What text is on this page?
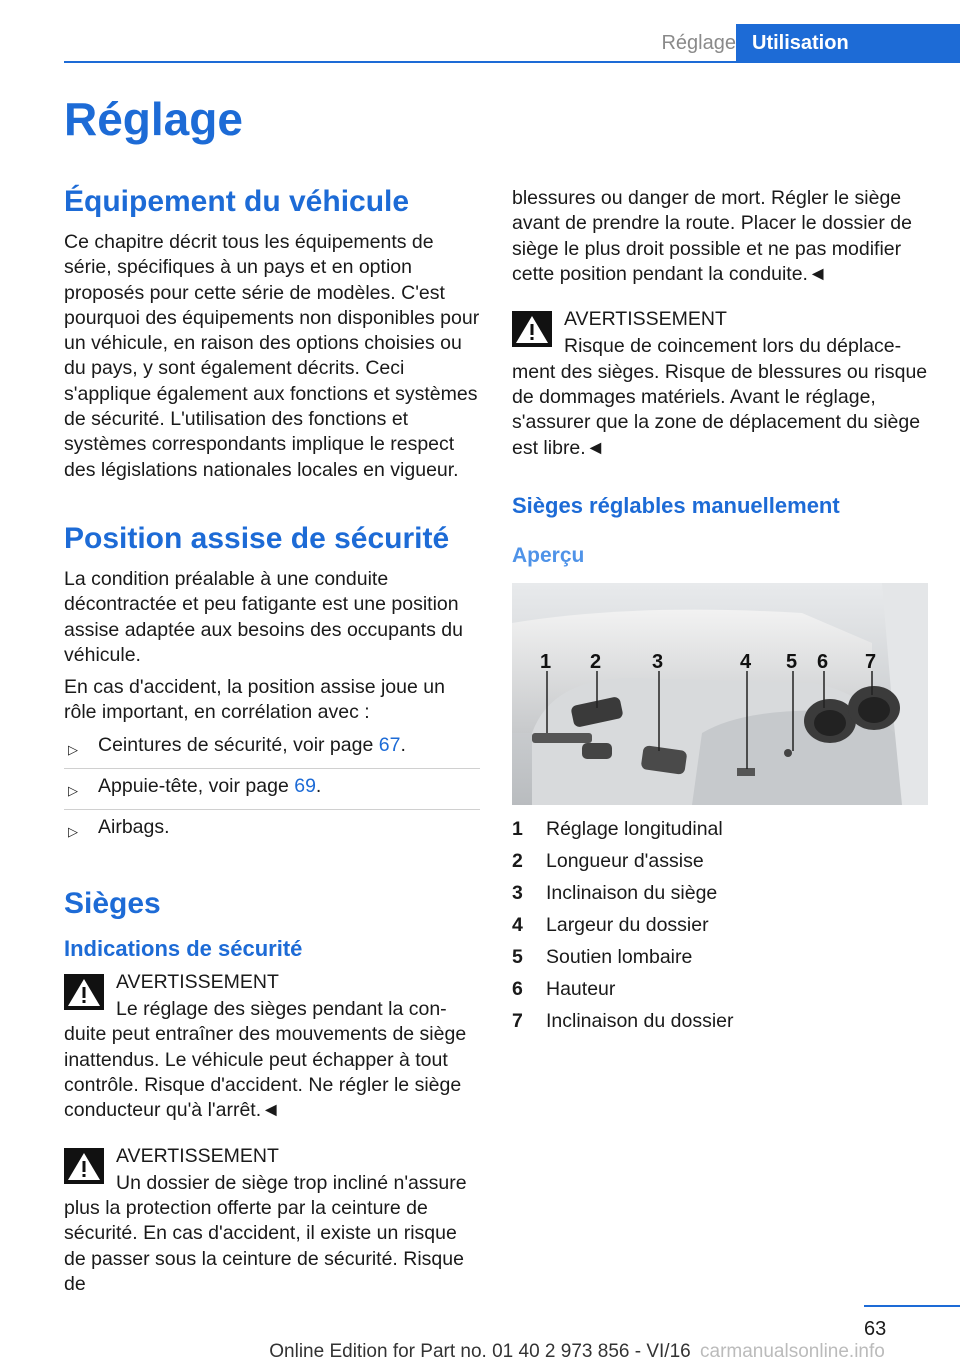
Réglage Utilisation
Réglage
Équipement du véhicule

Ce chapitre décrit tous les équipements de série, spécifiques à un pays et en option proposés pour cette série de modèles. C'est pourquoi des équipements non disponibles pour un véhicule, en raison des options choisies ou du pays, y sont également décrits. Ceci s'applique également aux fonctions et systèmes de sécurité. L'utilisation des fonctions et systèmes correspondants implique le respect des législations nationales locales en vigueur.

Position assise de sécurité

La condition préalable à une conduite décontractée et peu fatigante est une position assise adaptée aux besoins des occupants du véhicule.

En cas d'accident, la position assise joue un rôle important, en corrélation avec :

▷ Ceintures de sécurité, voir page 67.
▷ Appuie-tête, voir page 69.
▷ Airbags.
Sièges
Indications de sécurité
AVERTISSEMENT
Le réglage des sièges pendant la con-
duite peut entraîner des mouvements de siège inattendus. Le véhicule peut échapper à tout contrôle. Risque d'accident. Ne régler le siège conducteur qu'à l'arrêt.◄
AVERTISSEMENT
Un dossier de siège trop incliné n'assure
plus la protection offerte par la ceinture de sécurité. En cas d'accident, il existe un risque de passer sous la ceinture de sécurité. Risque de

blessures ou danger de mort. Régler le siège avant de prendre la route. Placer le dossier de siège le plus droit possible et ne pas modifier cette position pendant la conduite.◄

AVERTISSEMENT
Risque de coincement lors du déplace-
ment des sièges. Risque de blessures ou risque de dommages matériels. Avant le réglage, s'assurer que la zone de déplacement du siège est libre.◄
Sièges réglables manuellement
Aperçu
1 2	3	4 5 6 7
1	Réglage longitudinal
2	Longueur d'assise
3	Inclinaison du siège
4	Largeur du dossier
5	Soutien lombaire
6	Hauteur
7	Inclinaison du dossier
63
Online Edition for Part no. 01 40 2 973 856 - VI/16 carmanualsonline.info
